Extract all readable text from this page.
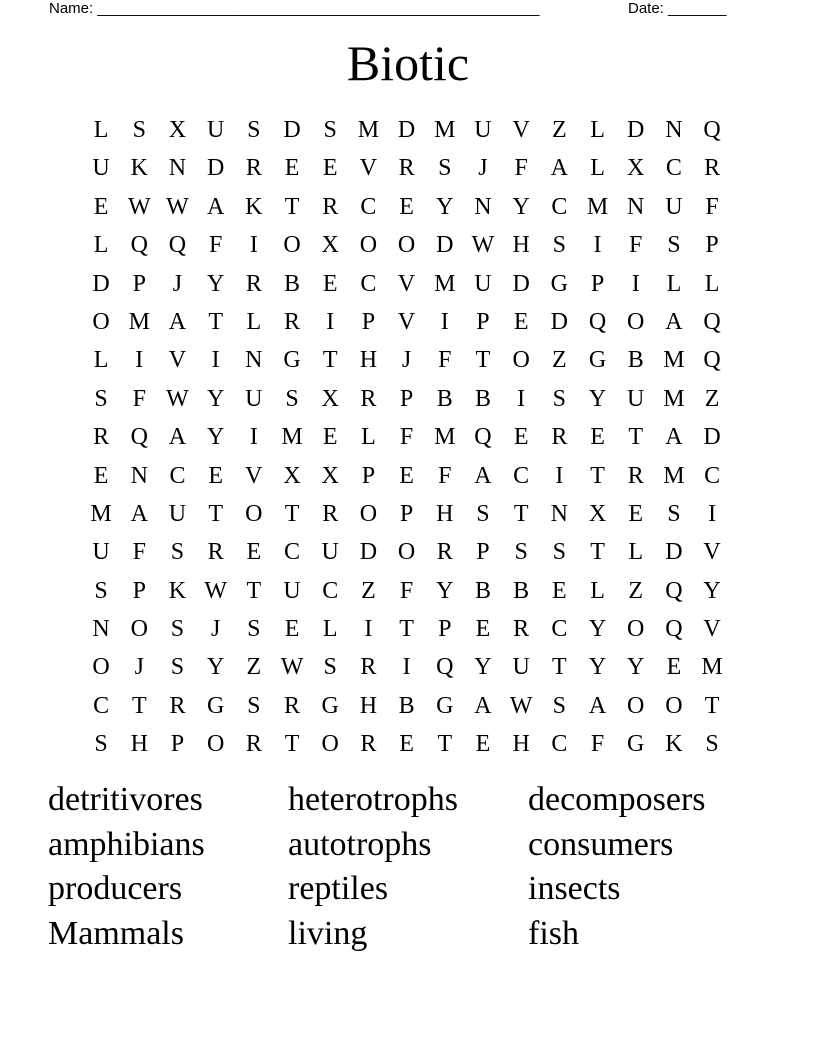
Name: _____________________________________________________	Date: _______
Biotic
L	S X U S D S M D M U V Z L D N Q
U K N D R E E V R S	J	F A L X C R
E W W A K T R C E Y N Y C M N U F
L Q Q F	I	O X O O D W H S	I	F	S	P
D P	J	Y R B E C V M U D G P	I	L L
O M A T L R	I	P V	I	P	E D Q O A Q
L	I	V	I	N G T H	J	F	T O Z G B M Q
S	F W Y U S X R P B B	I	S Y U M Z
R Q A Y	I M E L	F M Q E R E T A D
E N C E V X X P	E	F A C	I	T R M C
M A U T O T R O P H S	T N X E	S	I
U F	S R E C U D O R P	S	S	T L D V
S	P K W T U C Z	F Y B B E L Z Q Y
N O S	J	S	E L	I	T	P	E R C Y O Q V
O	J	S Y Z W S R	I	Q Y U T Y Y E M
C T R G S R G H B G A W S A O O T
S H P O R T O R E T E H C F G K S
detritivores	heterotrophs	decomposers
amphibians	autotrophs	consumers
producers	reptiles	insects
Mammals	living	fish
